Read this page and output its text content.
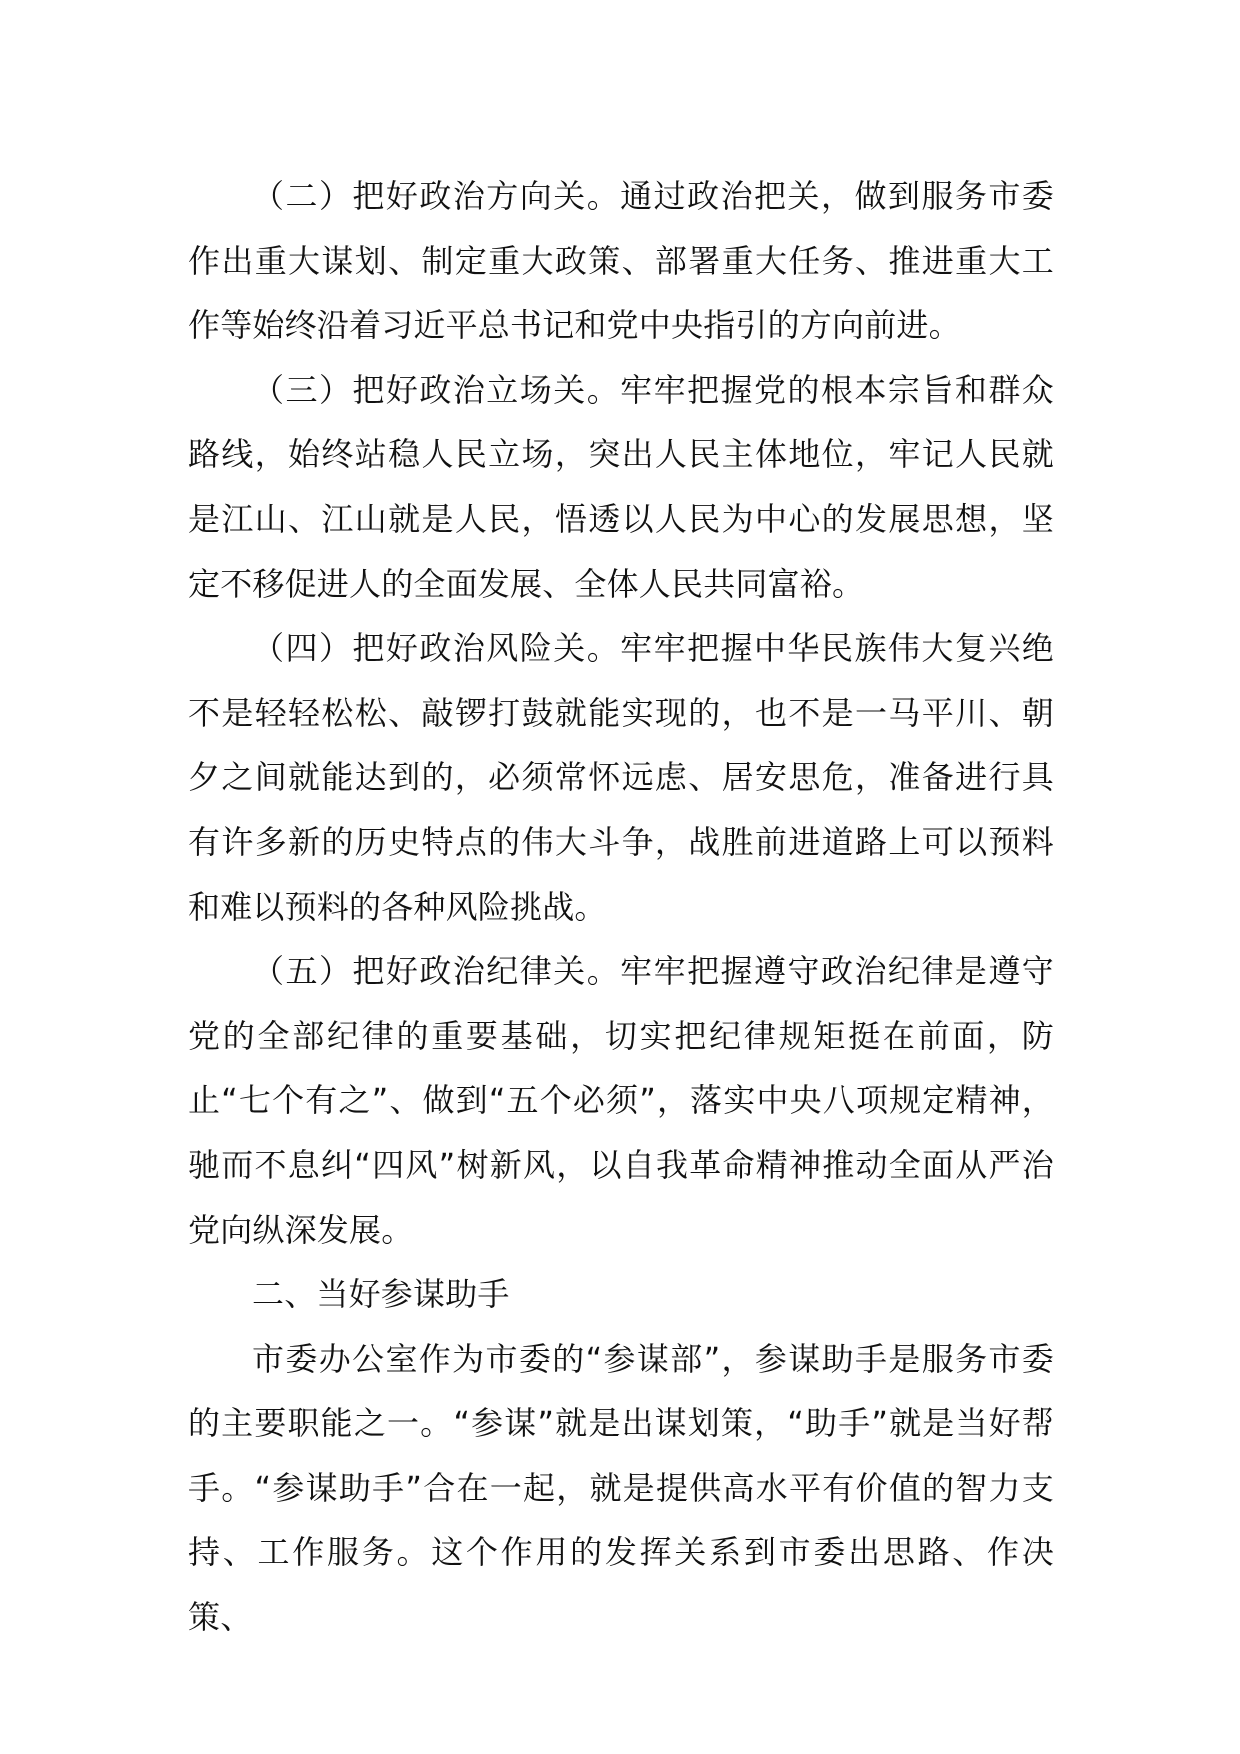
（二）把好政治方向关。通过政治把关，做到服务市委作出重大谋划、制定重大政策、部署重大任务、推进重大工作等始终沿着习近平总书记和党中央指引的方向前进。

（三）把好政治立场关。牢牢把握党的根本宗旨和群众路线，始终站稳人民立场，突出人民主体地位，牢记人民就是江山、江山就是人民，悟透以人民为中心的发展思想，坚定不移促进人的全面发展、全体人民共同富裕。

（四）把好政治风险关。牢牢把握中华民族伟大复兴绝不是轻轻松松、敲锣打鼓就能实现的，也不是一马平川、朝夕之间就能达到的，必须常怀远虑、居安思危，准备进行具有许多新的历史特点的伟大斗争，战胜前进道路上可以预料和难以预料的各种风险挑战。

（五）把好政治纪律关。牢牢把握遵守政治纪律是遵守党的全部纪律的重要基础，切实把纪律规矩挺在前面，防止“七个有之”、做到“五个必须”，落实中央八项规定精神，驰而不息纠“四风”树新风，以自我革命精神推动全面从严治党向纵深发展。

二、当好参谋助手

市委办公室作为市委的“参谋部”，参谋助手是服务市委的主要职能之一。“参谋”就是出谋划策，“助手”就是当好帮手。“参谋助手”合在一起，就是提供高水平有价值的智力支持、工作服务。这个作用的发挥关系到市委出思路、作决策、
